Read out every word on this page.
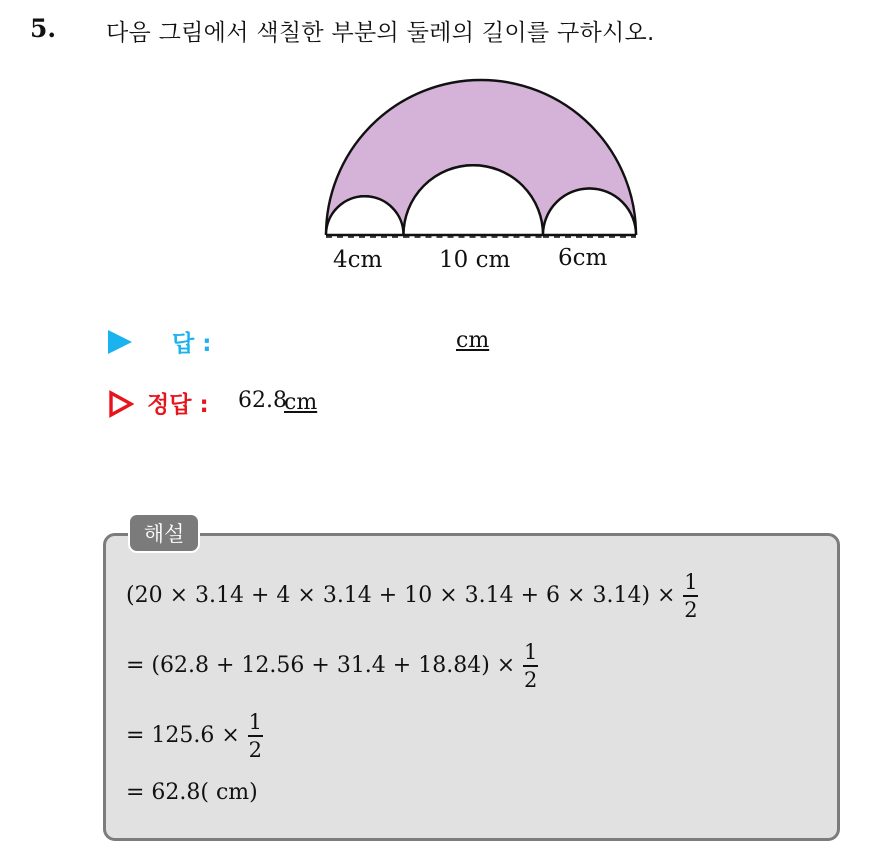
5. 다음 그림에서 색칠한 부분의 둘레의 길이를 구하시오.
4cm 10 cm 6cm
답 :	cm
정답 : 62.8
cm
해설
$(20 \times 3.14 + 4 \times 3.14 + 10 \times 3.14 + 6 \times 3.14) \times \frac{1}{2}$
= $(62.8 + 12.56 + 31.4 + 18.84) \times \frac{1}{2}$
= $125.6 \times \frac{1}{2}$
= 62.8( cm)
